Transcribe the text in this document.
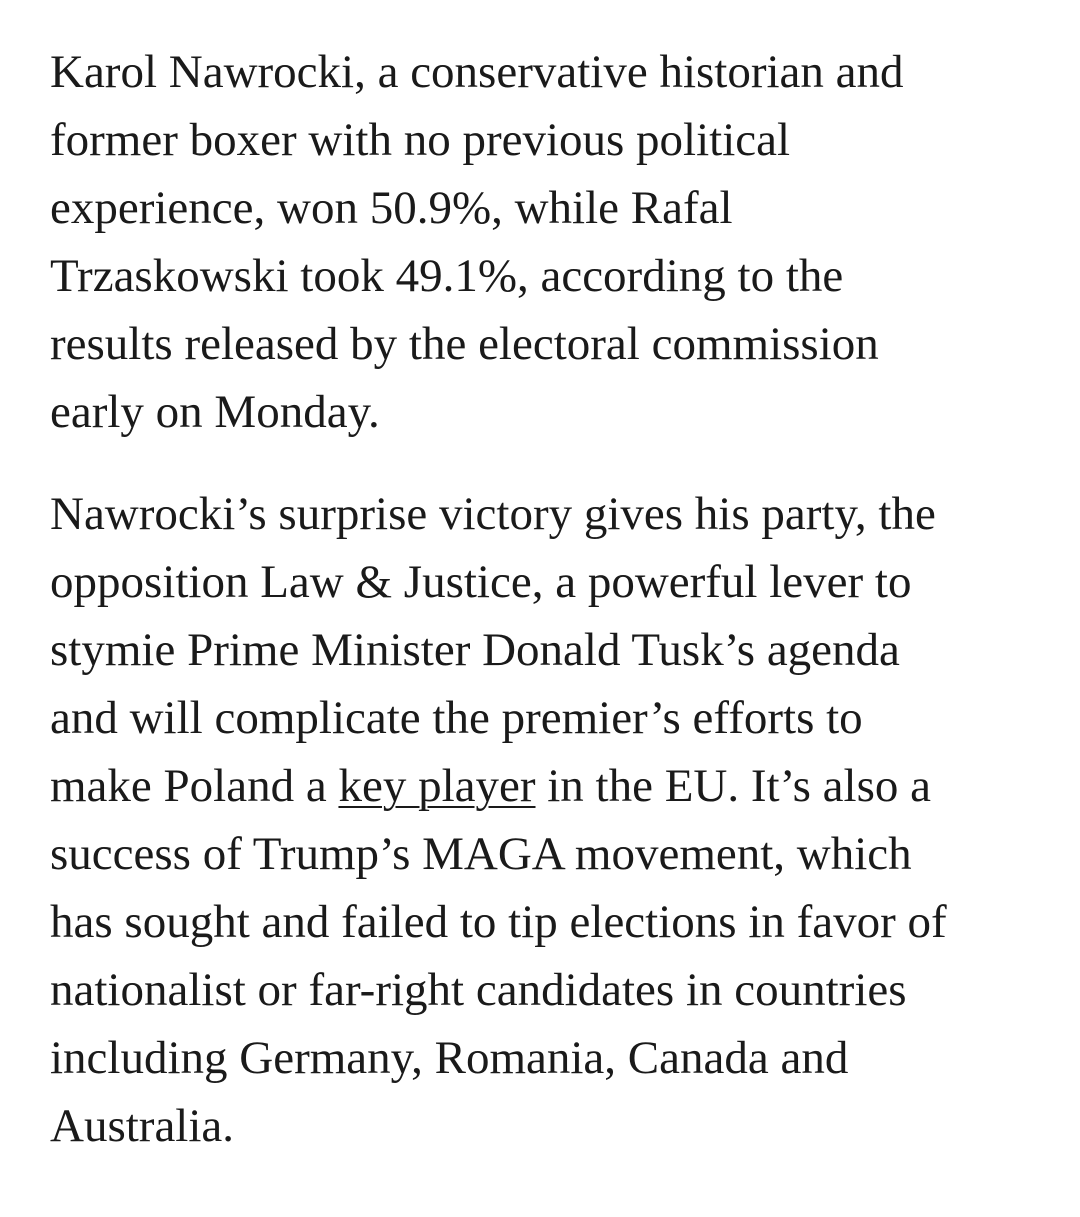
Karol Nawrocki, a conservative historian and
former boxer with no previous political
experience, won 50.9%, while Rafal
Trzaskowski took 49.1%, according to the
results released by the electoral commission
early on Monday.

Nawrocki’s surprise victory gives his party, the
opposition Law & Justice, a powerful lever to
stymie Prime Minister Donald Tusk’s agenda
and will complicate the premier’s efforts to
make Poland a key player in the EU. It’s also a
success of Trump’s MAGA movement, which
has sought and failed to tip elections in favor of
nationalist or far-right candidates in countries
including Germany, Romania, Canada and
Australia.
